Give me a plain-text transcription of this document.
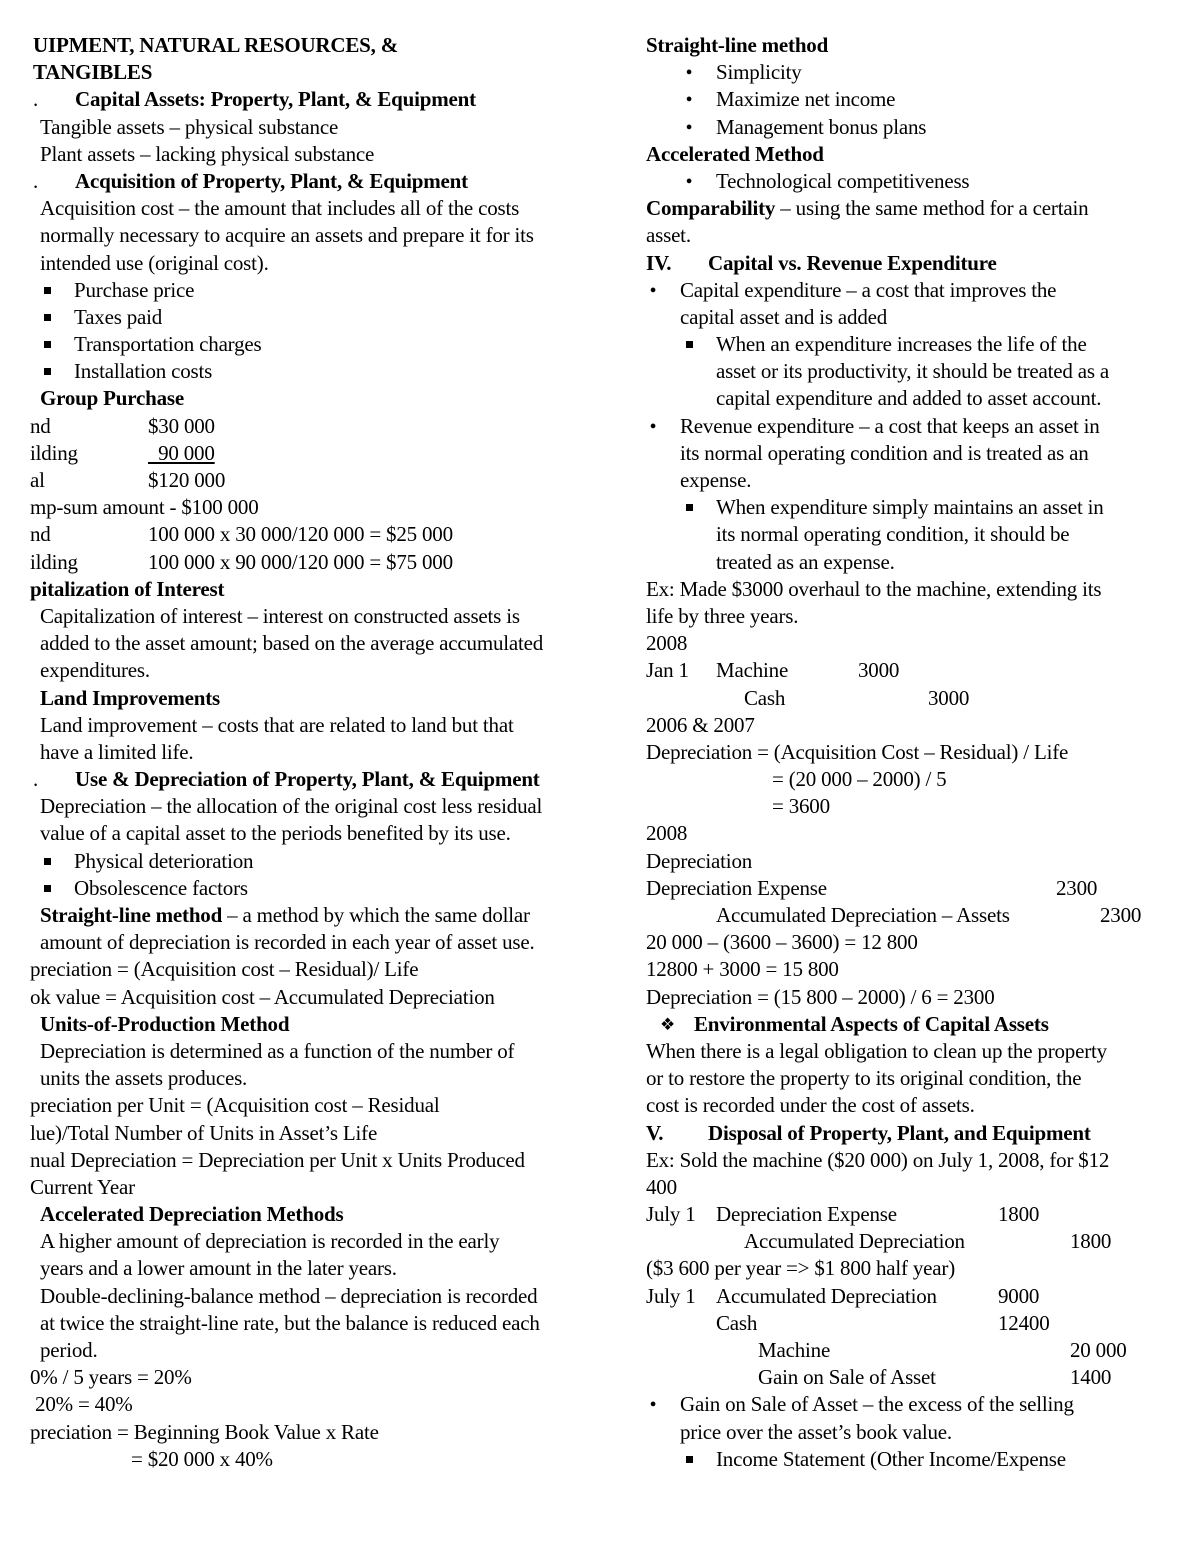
UIPMENT, NATURAL RESOURCES, &
TANGIBLES
. Capital Assets: Property, Plant, & Equipment
Tangible assets – physical substance
Plant assets – lacking physical substance
. Acquisition of Property, Plant, & Equipment
Acquisition cost – the amount that includes all of the costs
normally necessary to acquire an assets and prepare it for its
intended use (original cost).
Purchase price
Taxes paid
Transportation charges
Installation costs
Group Purchase
nd	$30 000
ilding	90 000
al	$120 000
mp-sum amount - $100 000
nd	100 000 x 30 000/120 000 = $25 000
ilding	100 000 x 90 000/120 000 = $75 000
pitalization of Interest
Capitalization of interest – interest on constructed assets is
added to the asset amount; based on the average accumulated
expenditures.
Land Improvements
Land improvement – costs that are related to land but that
have a limited life.
. Use & Depreciation of Property, Plant, & Equipment
Depreciation – the allocation of the original cost less residual
value of a capital asset to the periods benefited by its use.
Physical deterioration
Obsolescence factors
Straight-line method – a method by which the same dollar
amount of depreciation is recorded in each year of asset use.
preciation = (Acquisition cost – Residual)/ Life
ok value = Acquisition cost – Accumulated Depreciation
Units-of-Production Method
Depreciation is determined as a function of the number of
units the assets produces.
preciation per Unit = (Acquisition cost – Residual
lue)/Total Number of Units in Asset’s Life
nual Depreciation = Depreciation per Unit x Units Produced
Current Year
Accelerated Depreciation Methods
A higher amount of depreciation is recorded in the early
years and a lower amount in the later years.
Double-declining-balance method – depreciation is recorded
at twice the straight-line rate, but the balance is reduced each
period.
0% / 5 years = 20%
20% = 40%
preciation = Beginning Book Value x Rate
= $20 000 x 40%
Straight-line method
● Simplicity
● Maximize net income
● Management bonus plans
Accelerated Method
● Technological competitiveness
Comparability – using the same method for a certain
asset.
IV. Capital vs. Revenue Expenditure
● Capital expenditure – a cost that improves the
capital asset and is added
When an expenditure increases the life of the
asset or its productivity, it should be treated as a
capital expenditure and added to asset account.
● Revenue expenditure – a cost that keeps an asset in
its normal operating condition and is treated as an
expense.
When expenditure simply maintains an asset in
its normal operating condition, it should be
treated as an expense.
Ex: Made $3000 overhaul to the machine, extending its
life by three years.
2008
Jan 1 Machine	3000
Cash	3000
2006 & 2007
Depreciation = (Acquisition Cost – Residual) / Life
= (20 000 – 2000) / 5
= 3600
2008
Depreciation
Depreciation Expense	2300
Accumulated Depreciation – Assets	2300
20 000 – (3600 – 3600) = 12 800
12800 + 3000 = 15 800
Depreciation = (15 800 – 2000) / 6 = 2300
❖ Environmental Aspects of Capital Assets
When there is a legal obligation to clean up the property
or to restore the property to its original condition, the
cost is recorded under the cost of assets.
V. Disposal of Property, Plant, and Equipment
Ex: Sold the machine ($20 000) on July 1, 2008, for $12
400
July 1 Depreciation Expense	1800
Accumulated Depreciation	1800
($3 600 per year => $1 800 half year)
July 1 Accumulated Depreciation	9000
Cash	12400
Machine	20 000
Gain on Sale of Asset	1400
● Gain on Sale of Asset – the excess of the selling
price over the asset’s book value.
Income Statement (Other Income/Expense
